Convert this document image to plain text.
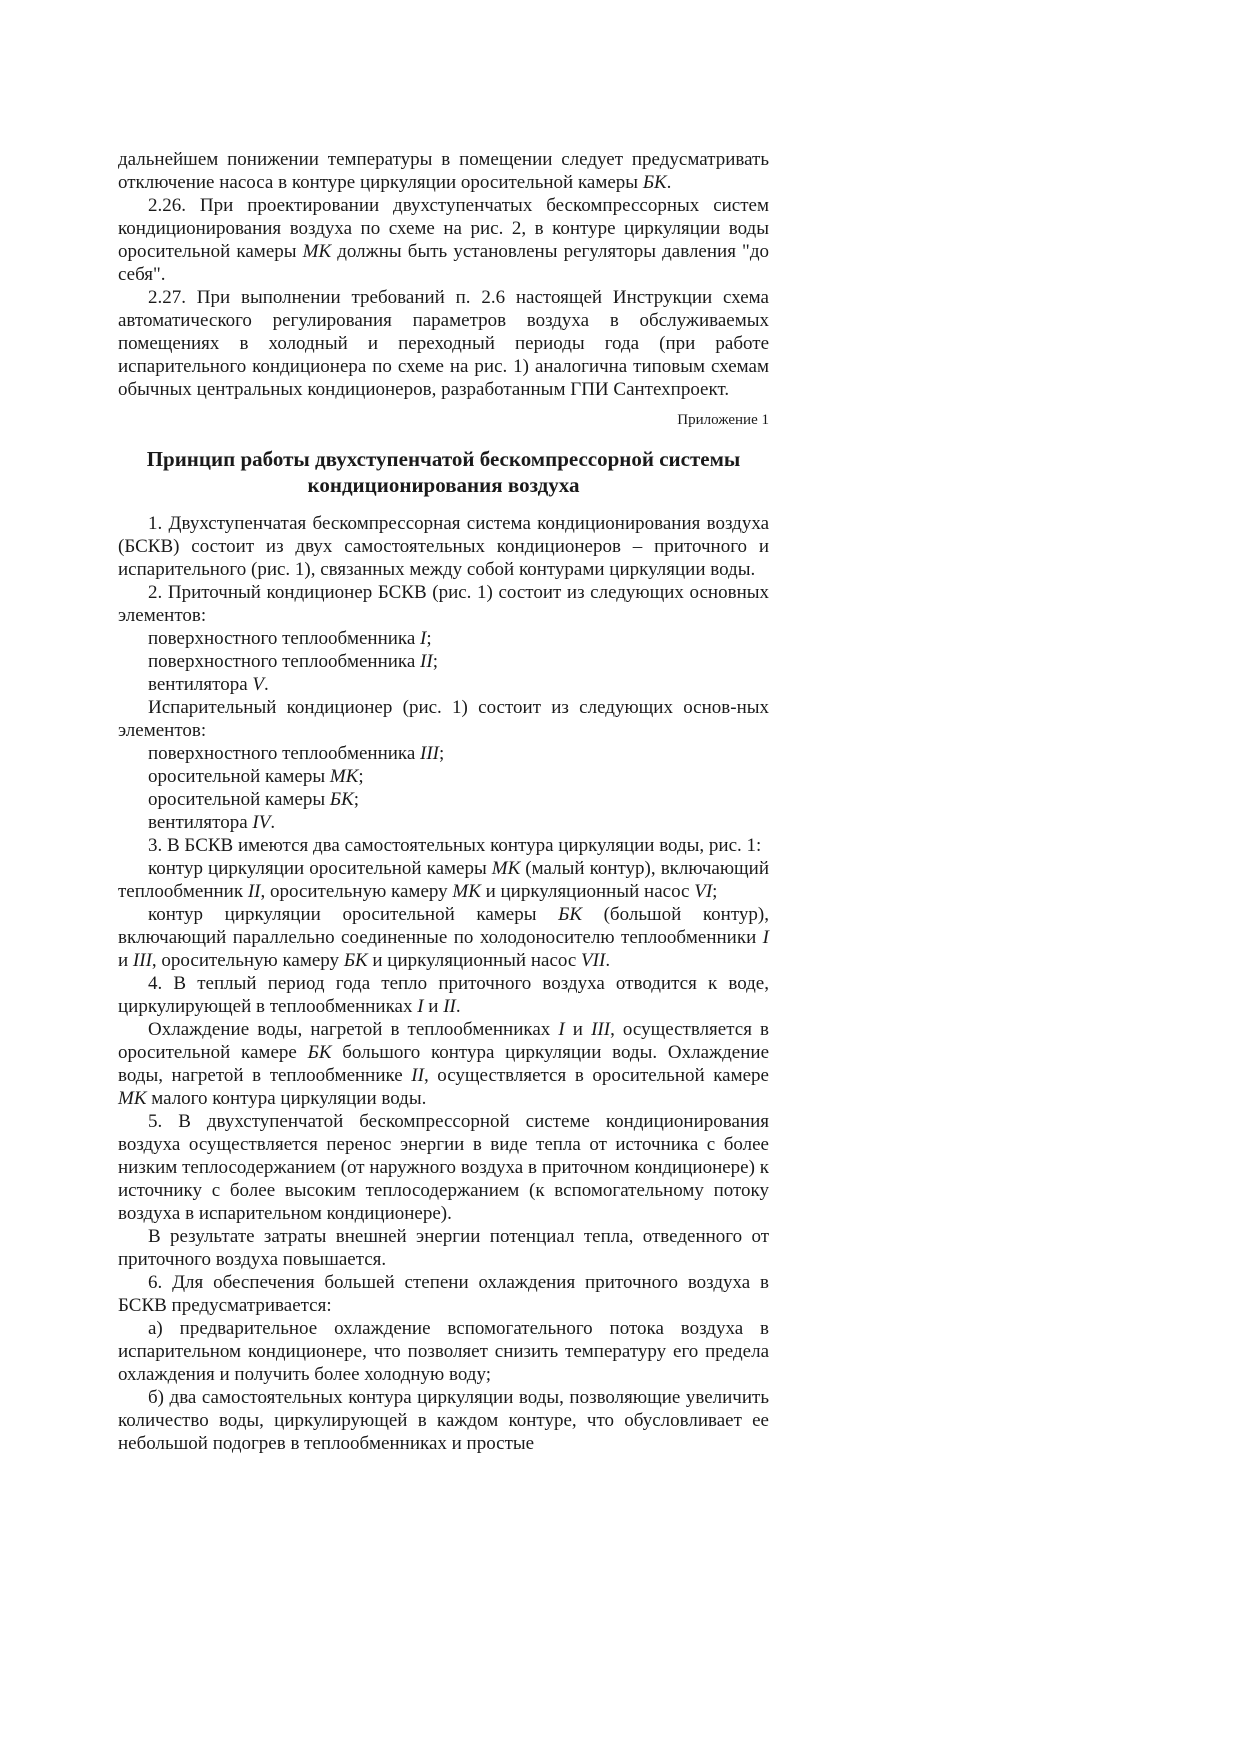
дальнейшем понижении температуры в помещении следует предусматривать отключение насоса в контуре циркуляции оросительной камеры БК.

2.26. При проектировании двухступенчатых бескомпрессорных систем кондиционирования воздуха по схеме на рис. 2, в контуре циркуляции воды оросительной камеры МК должны быть установлены регуляторы давления "до себя".

2.27. При выполнении требований п. 2.6 настоящей Инструкции схема автоматического регулирования параметров воздуха в обслуживаемых помещениях в холодный и переходный периоды года (при работе испарительного кондиционера по схеме на рис. 1) аналогична типовым схемам обычных центральных кондиционеров, разработанным ГПИ Сантехпроект.

Приложение 1

Принцип работы двухступенчатой бескомпрессорной системы кондиционирования воздуха

1. Двухступенчатая бескомпрессорная система кондиционирования воздуха (БСКВ) состоит из двух самостоятельных кондиционеров – приточного и испарительного (рис. 1), связанных между собой контурами циркуляции воды.

2. Приточный кондиционер БСКВ (рис. 1) состоит из следующих основных элементов:

поверхностного теплообменника I;

поверхностного теплообменника II;

вентилятора V.

Испарительный кондиционер (рис. 1) состоит из следующих основ-ных элементов:

поверхностного теплообменника III;

оросительной камеры МК;

оросительной камеры БК;

вентилятора IV.

3. В БСКВ имеются два самостоятельных контура циркуляции воды, рис. 1:

контур циркуляции оросительной камеры МК (малый контур), включающий теплообменник II, оросительную камеру МК и циркуляционный насос VI;

контур циркуляции оросительной камеры БК (большой контур), включающий параллельно соединенные по холодоносителю теплообменники I и III, оросительную камеру БК и циркуляционный насос VII.

4. В теплый период года тепло приточного воздуха отводится к воде, циркулирующей в теплообменниках I и II.

Охлаждение воды, нагретой в теплообменниках I и III, осуществляется в оросительной камере БК большого контура циркуляции воды. Охлаждение воды, нагретой в теплообменнике II, осуществляется в оросительной камере МК малого контура циркуляции воды.

5. В двухступенчатой бескомпрессорной системе кондиционирования воздуха осуществляется перенос энергии в виде тепла от источника с более низким теплосодержанием (от наружного воздуха в приточном кондиционере) к источнику с более высоким теплосодержанием (к вспомогательному потоку воздуха в испарительном кондиционере).

В результате затраты внешней энергии потенциал тепла, отведенного от приточного воздуха повышается.

6. Для обеспечения большей степени охлаждения приточного воздуха в БСКВ предусматривается:

а) предварительное охлаждение вспомогательного потока воздуха в испарительном кондиционере, что позволяет снизить температуру его предела охлаждения и получить более холодную воду;

б) два самостоятельных контура циркуляции воды, позволяющие увеличить количество воды, циркулирующей в каждом контуре, что обусловливает ее небольшой подогрев в теплообменниках и простые
